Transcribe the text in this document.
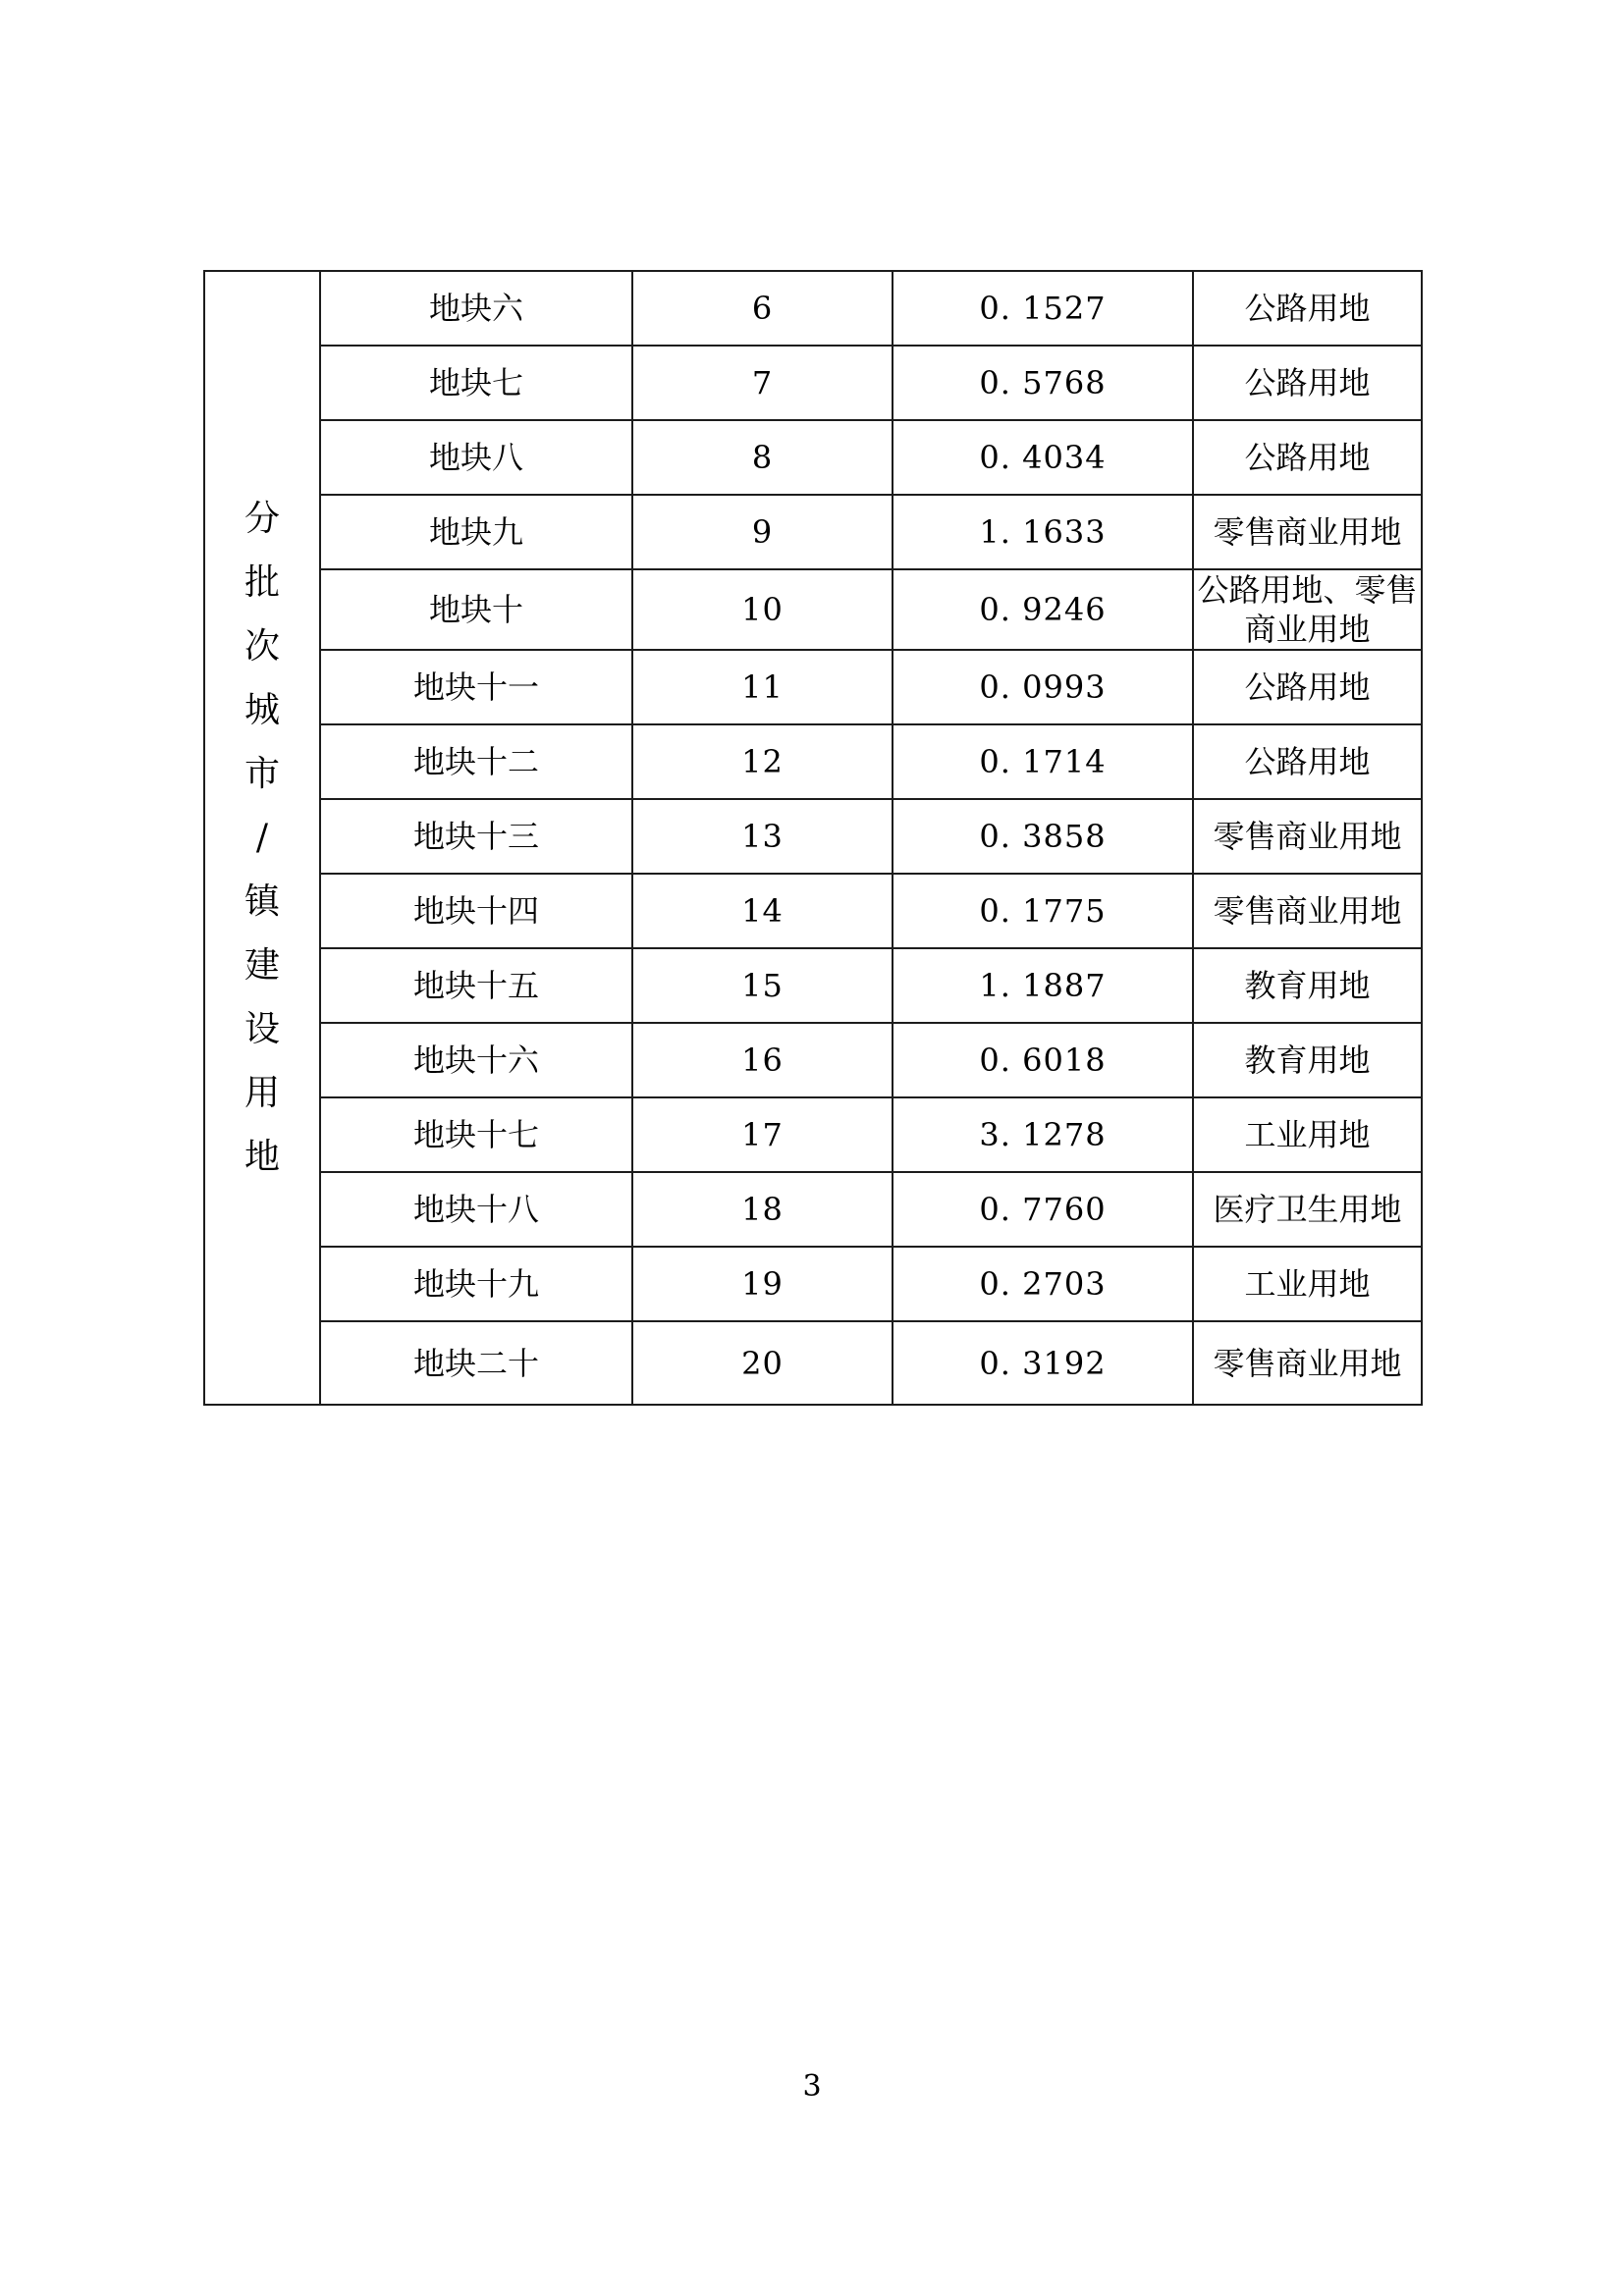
分
批
次
城
市
/
镇
建
设
用
地
	地块六	6	0. 1527	公路用地
	地块七	7	0. 5768	公路用地
	地块八	8	0. 4034	公路用地
	地块九	9	1. 1633	零售商业用地
	地块十	10	0. 9246	公路用地、零售商业用地
	地块十一	11	0. 0993	公路用地
	地块十二	12	0. 1714	公路用地
	地块十三	13	0. 3858	零售商业用地
	地块十四	14	0. 1775	零售商业用地
	地块十五	15	1. 1887	教育用地
	地块十六	16	0. 6018	教育用地
	地块十七	17	3. 1278	工业用地
	地块十八	18	0. 7760	医疗卫生用地
	地块十九	19	0. 2703	工业用地
	地块二十	20	0. 3192	零售商业用地
3
